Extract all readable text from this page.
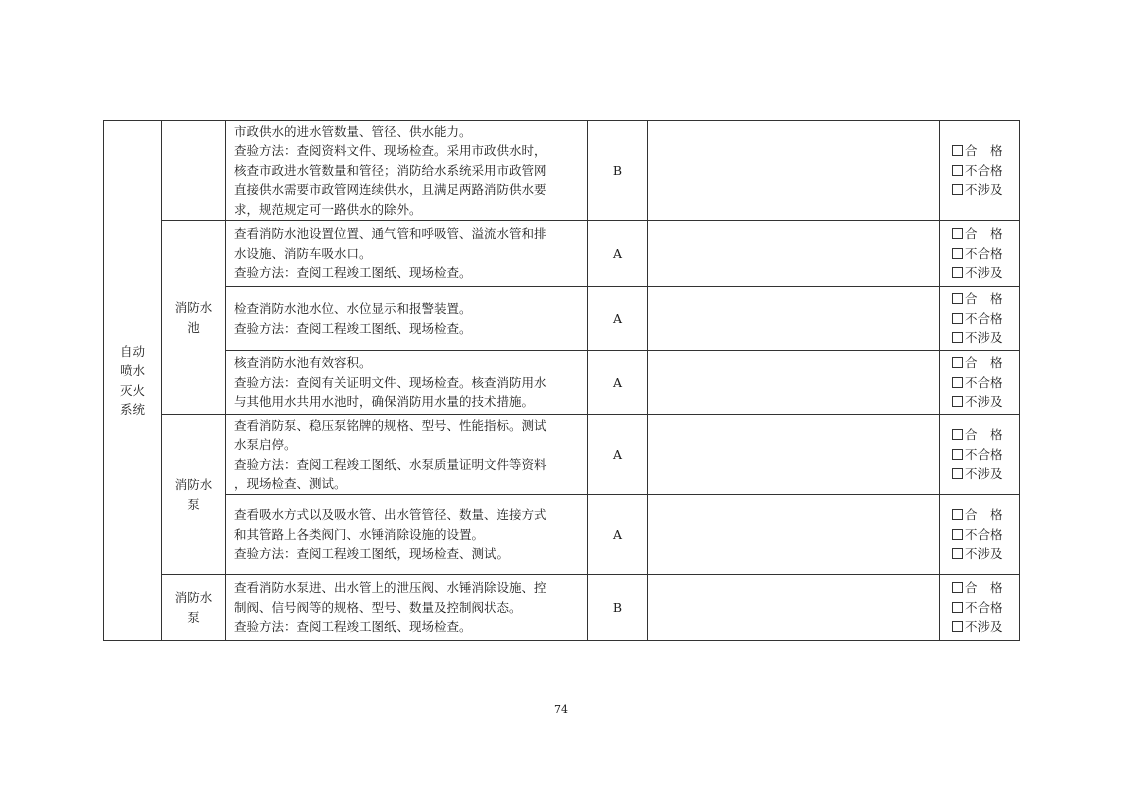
自动
喷水
灭火
系统		市政供水的进水管数量、管径、供水能力。
查验方法：查阅资料文件、现场检查。采用市政供水时，
核查市政进水管数量和管径；消防给水系统采用市政管网
直接供水需要市政管网连续供水，且满足两路消防供水要
求，规范规定可一路供水的除外。	B		合　格
不合格
不涉及

	消防水
池	查看消防水池设置位置、通气管和呼吸管、溢流水管和排
水设施、消防车吸水口。
查验方法：查阅工程竣工图纸、现场检查。	A		合　格
不合格
不涉及

		检查消防水池水位、水位显示和报警装置。
查验方法：查阅工程竣工图纸、现场检查。	A		合　格
不合格
不涉及

		核查消防水池有效容积。
查验方法：查阅有关证明文件、现场检查。核查消防用水
与其他用水共用水池时，确保消防用水量的技术措施。	A		合　格
不合格
不涉及

	消防水
泵	查看消防泵、稳压泵铭牌的规格、型号、性能指标。测试
水泵启停。
查验方法：查阅工程竣工图纸、水泵质量证明文件等资料
，现场检查、测试。	A		合　格
不合格
不涉及

		查看吸水方式以及吸水管、出水管管径、数量、连接方式
和其管路上各类阀门、水锤消除设施的设置。
查验方法：查阅工程竣工图纸，现场检查、测试。	A		合　格
不合格
不涉及

	消防水
泵	查看消防水泵进、出水管上的泄压阀、水锤消除设施、控
制阀、信号阀等的规格、型号、数量及控制阀状态。
查验方法：查阅工程竣工图纸、现场检查。	B		合　格
不合格
不涉及
74
